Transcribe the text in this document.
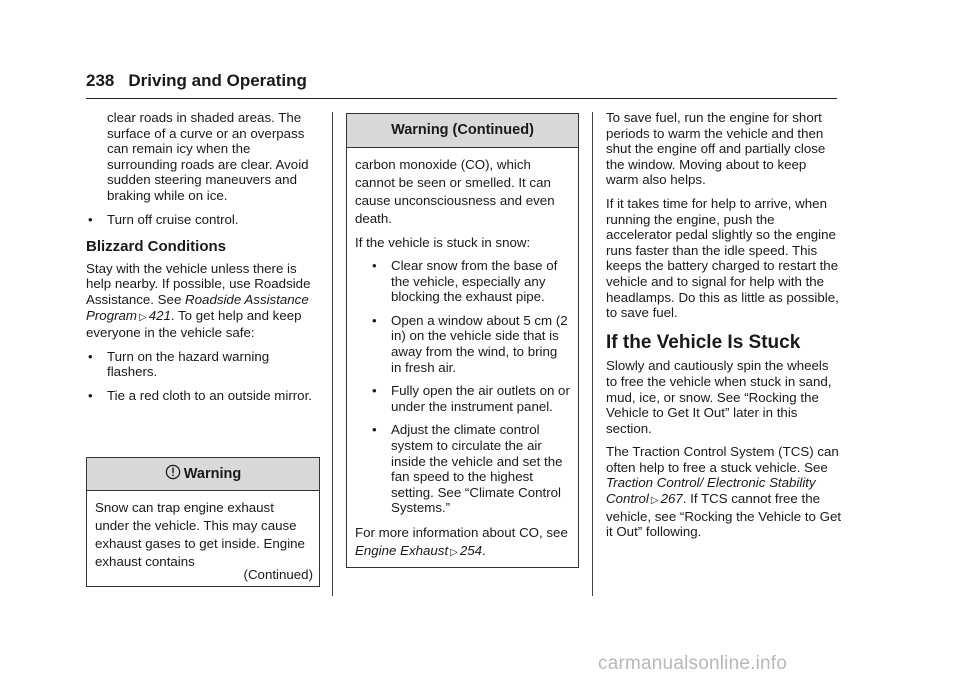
238 Driving and Operating

clear roads in shaded areas. The surface of a curve or an overpass can remain icy when the surrounding roads are clear. Avoid sudden steering maneuvers and braking while on ice.

• Turn off cruise control.
Blizzard Conditions

Stay with the vehicle unless there is help nearby. If possible, use Roadside Assistance. See Roadside Assistance Program ▷ 421. To get help and keep everyone in the vehicle safe:

• Turn on the hazard warning flashers.
• Tie a red cloth to an outside mirror.
Warning
Snow can trap engine exhaust under the vehicle. This may cause exhaust gases to get inside. Engine exhaust contains
(Continued)
Warning (Continued)

carbon monoxide (CO), which cannot be seen or smelled. It can cause unconsciousness and even death.

If the vehicle is stuck in snow:

• Clear snow from the base of the vehicle, especially any blocking the exhaust pipe.
• Open a window about 5 cm (2 in) on the vehicle side that is away from the wind, to bring in fresh air.
• Fully open the air outlets on or under the instrument panel.
• Adjust the climate control system to circulate the air inside the vehicle and set the fan speed to the highest setting. See “Climate Control Systems.”

For more information about CO, see Engine Exhaust ▷ 254.

To save fuel, run the engine for short periods to warm the vehicle and then shut the engine off and partially close the window. Moving about to keep warm also helps.

If it takes time for help to arrive, when running the engine, push the accelerator pedal slightly so the engine runs faster than the idle speed. This keeps the battery charged to restart the vehicle and to signal for help with the headlamps. Do this as little as possible, to save fuel.

If the Vehicle Is Stuck

Slowly and cautiously spin the wheels to free the vehicle when stuck in sand, mud, ice, or snow. See “Rocking the Vehicle to Get It Out” later in this section.

The Traction Control System (TCS) can often help to free a stuck vehicle. See Traction Control/ Electronic Stability Control ▷ 267. If TCS cannot free the vehicle, see “Rocking the Vehicle to Get it Out” following.

carmanualsonline.info
